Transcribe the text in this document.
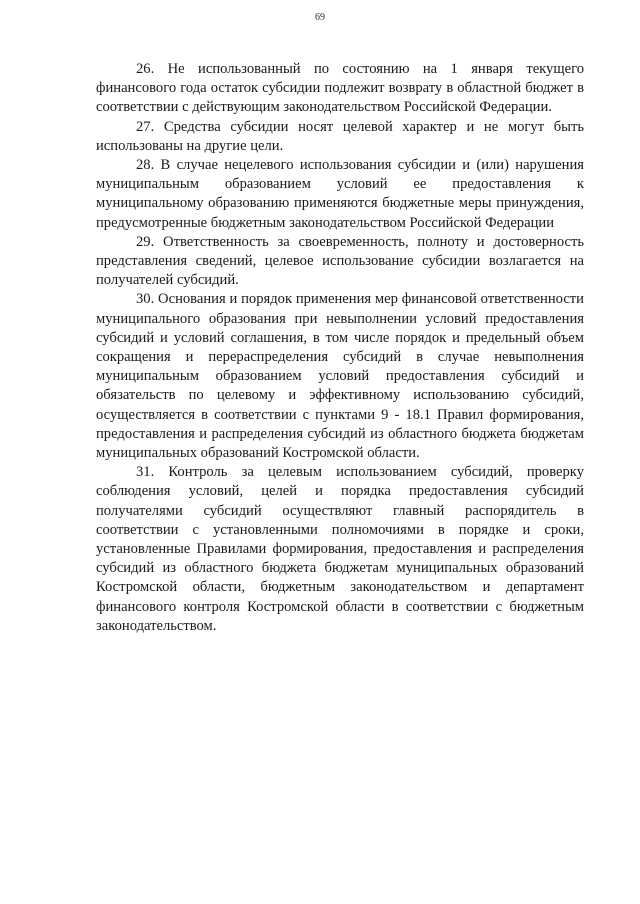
69

26. Не использованный по состоянию на 1 января текущего финансового года остаток субсидии подлежит возврату в областной бюджет в соответствии с действующим законодательством Российской Федерации.

27. Средства субсидии носят целевой характер и не могут быть использованы на другие цели.

28. В случае нецелевого использования субсидии и (или) нарушения муниципальным образованием условий ее предоставления к муниципальному образованию применяются бюджетные меры принуждения, предусмотренные бюджетным законодательством Российской Федерации

29. Ответственность за своевременность, полноту и достоверность представления сведений, целевое использование субсидии возлагается на получателей субсидий.

30. Основания и порядок применения мер финансовой ответственности муниципального образования при невыполнении условий предоставления субсидий и условий соглашения, в том числе порядок и предельный объем сокращения и перераспределения субсидий в случае невыполнения муниципальным образованием условий предоставления субсидий и обязательств по целевому и эффективному использованию субсидий, осуществляется в соответствии с пунктами 9 - 18.1 Правил формирования, предоставления и распределения субсидий из областного бюджета бюджетам муниципальных образований Костромской области.

31. Контроль за целевым использованием субсидий, проверку соблюдения условий, целей и порядка предоставления субсидий получателями субсидий осуществляют главный распорядитель в соответствии с установленными полномочиями в порядке и сроки, установленные Правилами формирования, предоставления и распределения субсидий из областного бюджета бюджетам муниципальных образований Костромской области, бюджетным законодательством и департамент финансового контроля Костромской области в соответствии с бюджетным законодательством.
